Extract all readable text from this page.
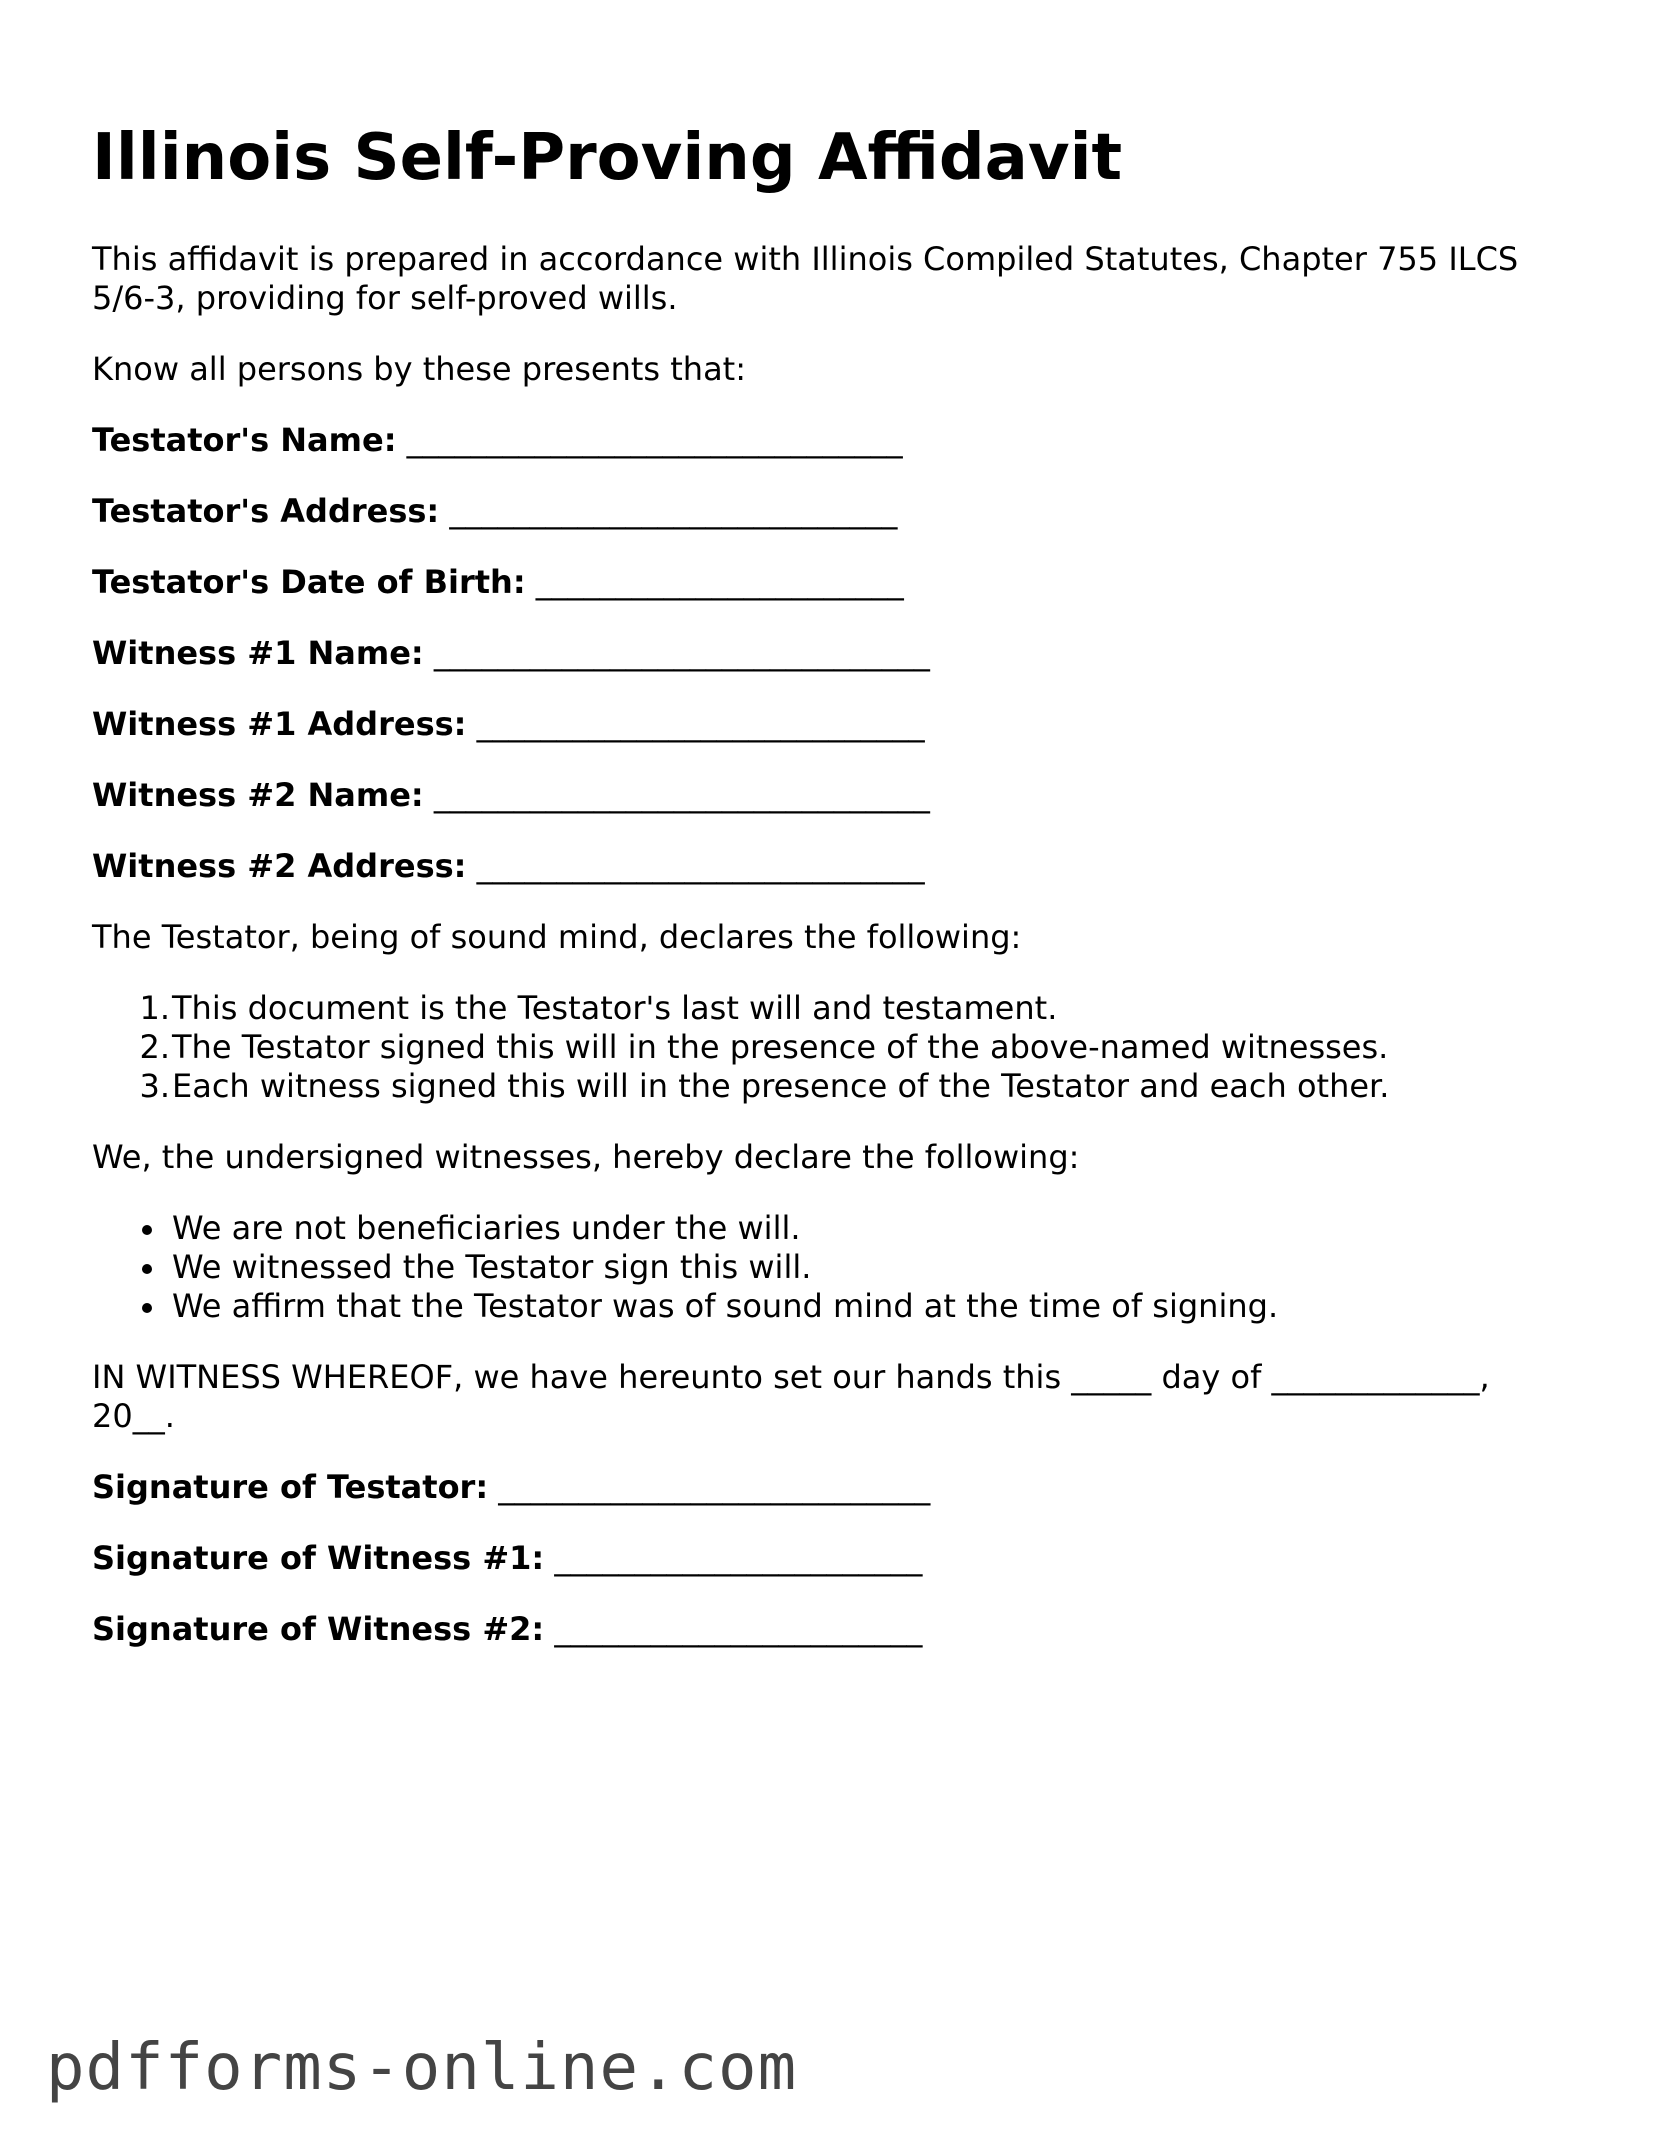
Illinois Self-Proving Affidavit

This affidavit is prepared in accordance with Illinois Compiled Statutes, Chapter 755 ILCS 5/6-3, providing for self-proved wills.

Know all persons by these presents that:

Testator's Name: _______________________________

Testator's Address: ____________________________

Testator's Date of Birth: _______________________

Witness #1 Name: _______________________________

Witness #1 Address: ____________________________

Witness #2 Name: _______________________________

Witness #2 Address: ____________________________

The Testator, being of sound mind, declares the following:

1. This document is the Testator's last will and testament.
2. The Testator signed this will in the presence of the above-named witnesses.
3. Each witness signed this will in the presence of the Testator and each other.

We, the undersigned witnesses, hereby declare the following:

We are not beneficiaries under the will.
We witnessed the Testator sign this will.
We affirm that the Testator was of sound mind at the time of signing.

IN WITNESS WHEREOF, we have hereunto set our hands this _____ day of _____________, 20__.

Signature of Testator: ___________________________

Signature of Witness #1: _______________________

Signature of Witness #2: _______________________

pdfforms-online.com
